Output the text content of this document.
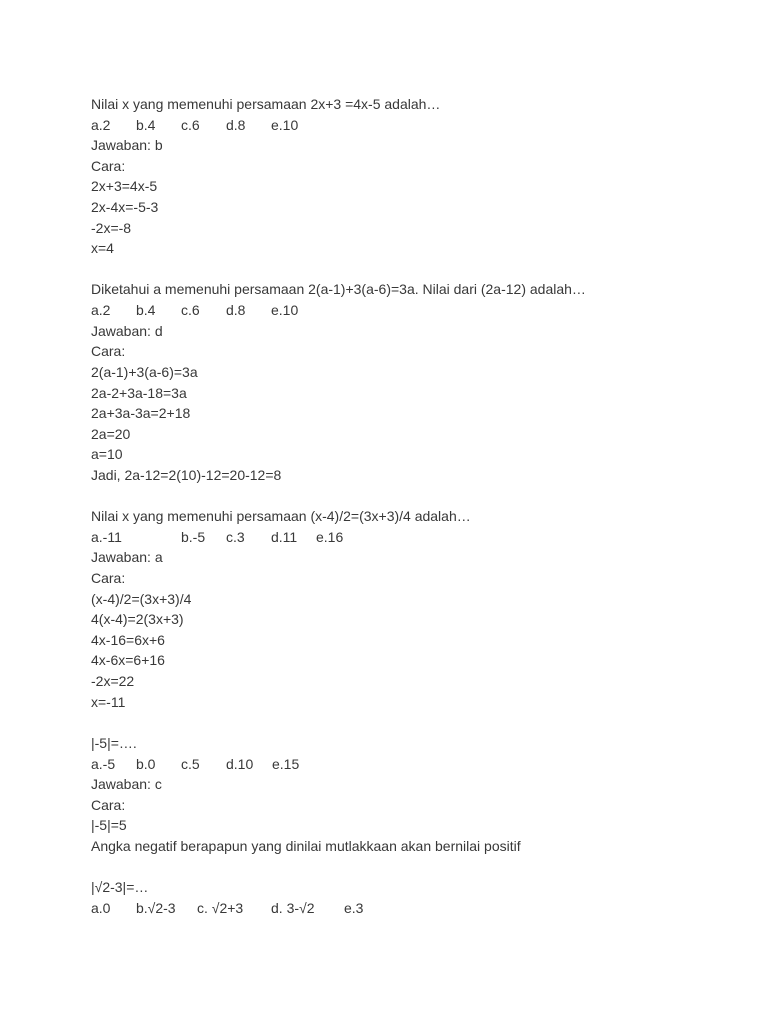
Nilai x yang memenuhi persamaan 2x+3 =4x-5 adalah…
a.2 b.4 c.6 d.8 e.10
Jawaban: b
Cara:
2x+3=4x-5
2x-4x=-5-3
-2x=-8
x=4
Diketahui a memenuhi persamaan 2(a-1)+3(a-6)=3a. Nilai dari (2a-12) adalah…
a.2 b.4 c.6 d.8 e.10
Jawaban: d
Cara:
2(a-1)+3(a-6)=3a
2a-2+3a-18=3a
2a+3a-3a=2+18
2a=20
a=10
Jadi, 2a-12=2(10)-12=20-12=8
Nilai x yang memenuhi persamaan (x-4)/2=(3x+3)/4 adalah…
a.-11	b.-5 c.3 d.11 e.16
Jawaban: a
Cara:
(x-4)/2=(3x+3)/4
4(x-4)=2(3x+3)
4x-16=6x+6
4x-6x=6+16
-2x=22
x=-11
|-5|=….
a.-5 b.0 c.5 d.10 e.15
Jawaban: c
Cara:
|-5|=5
Angka negatif berapapun yang dinilai mutlakkaan akan bernilai positif
|√2-3|=…
a.0 b.√2-3 c. √2+3 d. 3-√2 e.3
